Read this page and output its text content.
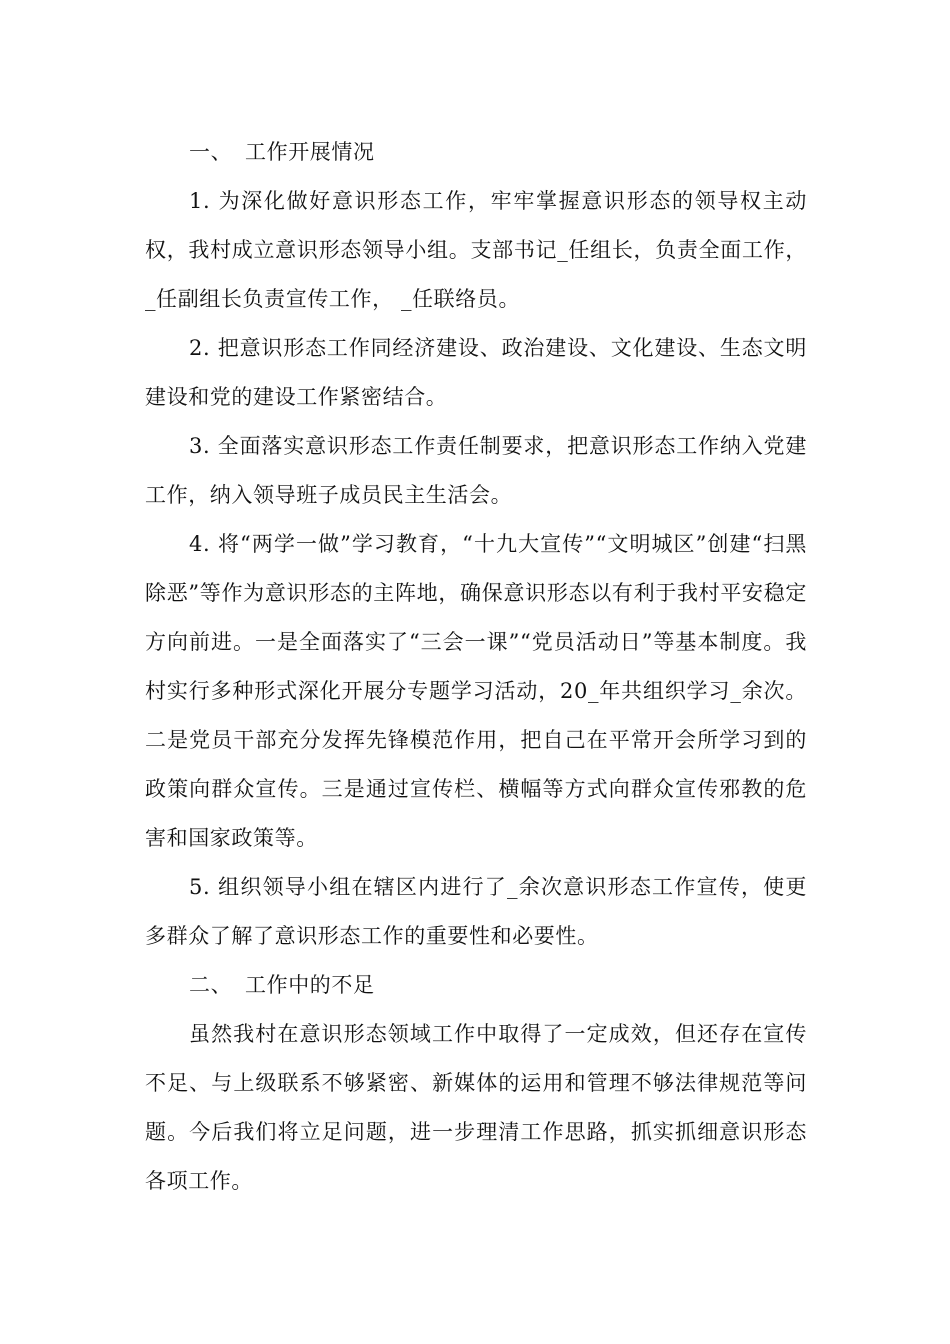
一、 工作开展情况

1. 为深化做好意识形态工作，牢牢掌握意识形态的领导权主动权，我村成立意识形态领导小组。支部书记_任组长，负责全面工作，_任副组长负责宣传工作， _任联络员。

2. 把意识形态工作同经济建设、政治建设、文化建设、生态文明建设和党的建设工作紧密结合。

3. 全面落实意识形态工作责任制要求，把意识形态工作纳入党建工作，纳入领导班子成员民主生活会。

4. 将“两学一做”学习教育，“十九大宣传”“文明城区”创建“扫黑除恶”等作为意识形态的主阵地，确保意识形态以有利于我村平安稳定方向前进。一是全面落实了“三会一课”“党员活动日”等基本制度。我村实行多种形式深化开展分专题学习活动，20_年共组织学习_余次。二是党员干部充分发挥先锋模范作用，把自己在平常开会所学习到的政策向群众宣传。三是通过宣传栏、横幅等方式向群众宣传邪教的危害和国家政策等。

5. 组织领导小组在辖区内进行了_余次意识形态工作宣传，使更多群众了解了意识形态工作的重要性和必要性。

二、 工作中的不足

虽然我村在意识形态领域工作中取得了一定成效，但还存在宣传不足、与上级联系不够紧密、新媒体的运用和管理不够法律规范等问题。今后我们将立足问题，进一步理清工作思路，抓实抓细意识形态各项工作。
